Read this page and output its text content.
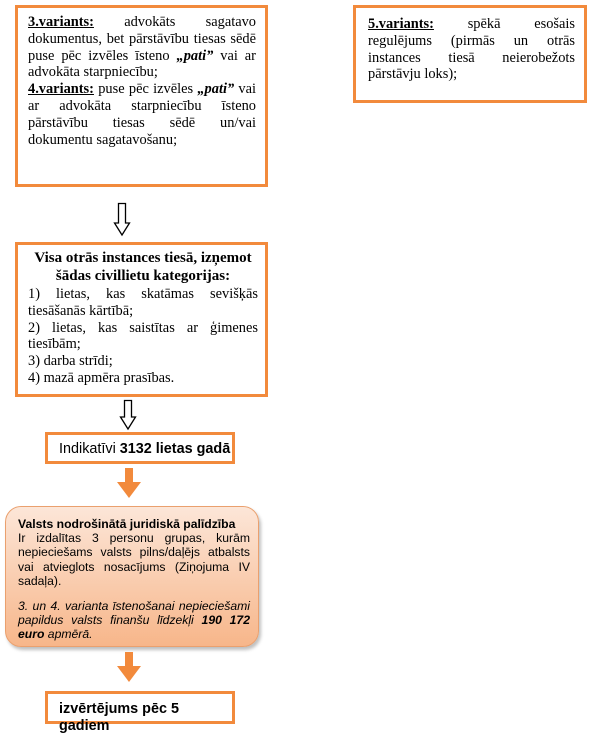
3.variants: advokāts sagatavo dokumentus, bet pārstāvību tiesas sēdē puse pēc izvēles īsteno „pati” vai ar advokāta starpniecību;

4.variants: puse pēc izvēles „pati” vai ar advokāta starpniecību īsteno pārstāvību tiesas sēdē un/vai dokumentu sagatavošanu;

5.variants: spēkā esošais regulējums (pirmās un otrās instances tiesā neierobežots pārstāvju loks);

Visa otrās instances tiesā, izņemot šādas civillietu kategorijas:

1) lietas, kas skatāmas sevišķās tiesāšanās kārtībā;

2) lietas, kas saistītas ar ģimenes tiesībām;

3) darba strīdi;

4) mazā apmēra prasības.

Indikatīvi 3132 lietas gadā
Valsts nodrošinātā juridiskā palīdzība

Ir izdalītas 3 personu grupas, kurām nepieciešams valsts pilns/daļējs atbalsts vai atvieglots nosacījums (Ziņojuma IV sadaļa).

3. un 4. varianta īstenošanai nepieciešami papildus valsts finanšu līdzekļi 190 172 euro apmērā.

izvērtējums pēc 5 gadiem
